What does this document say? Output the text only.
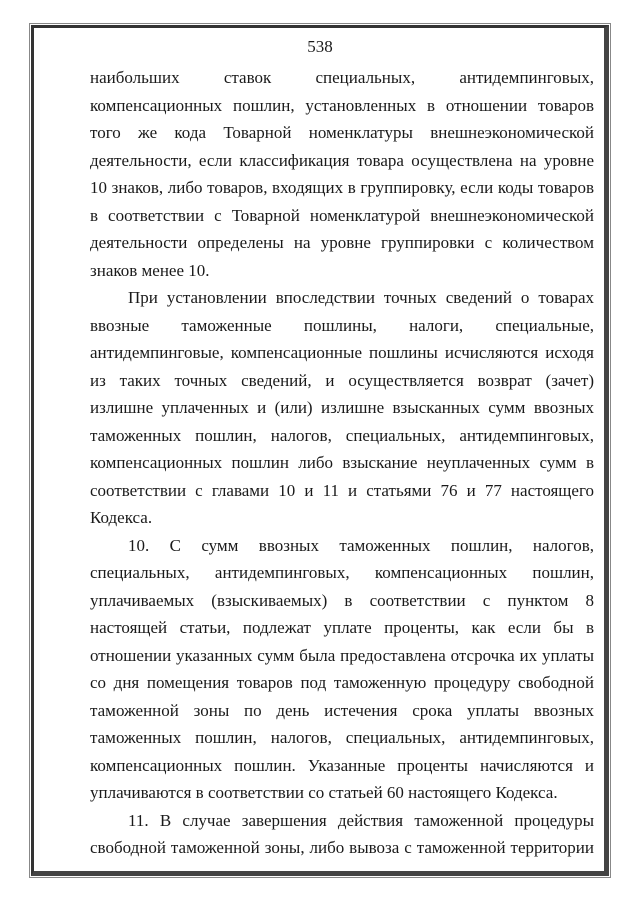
538

наибольших ставок специальных, антидемпинговых, компенсационных пошлин, установленных в отношении товаров того же кода Товарной номенклатуры внешнеэкономической деятельности, если классификация товара осуществлена на уровне 10 знаков, либо товаров, входящих в группировку, если коды товаров в соответствии с Товарной номенклатурой внешнеэкономической деятельности определены на уровне группировки с количеством знаков менее 10.

При установлении впоследствии точных сведений о товарах ввозные таможенные пошлины, налоги, специальные, антидемпинговые, компенсационные пошлины исчисляются исходя из таких точных сведений, и осуществляется возврат (зачет) излишне уплаченных и (или) излишне взысканных сумм ввозных таможенных пошлин, налогов, специальных, антидемпинговых, компенсационных пошлин либо взыскание неуплаченных сумм в соответствии с главами 10 и 11 и статьями 76 и 77 настоящего Кодекса.

10. С сумм ввозных таможенных пошлин, налогов, специальных, антидемпинговых, компенсационных пошлин, уплачиваемых (взыскиваемых) в соответствии с пунктом 8 настоящей статьи, подлежат уплате проценты, как если бы в отношении указанных сумм была предоставлена отсрочка их уплаты со дня помещения товаров под таможенную процедуру свободной таможенной зоны по день истечения срока уплаты ввозных таможенных пошлин, налогов, специальных, антидемпинговых, компенсационных пошлин. Указанные проценты начисляются и уплачиваются в соответствии со статьей 60 настоящего Кодекса.

11. В случае завершения действия таможенной процедуры свободной таможенной зоны, либо вывоза с таможенной территории
